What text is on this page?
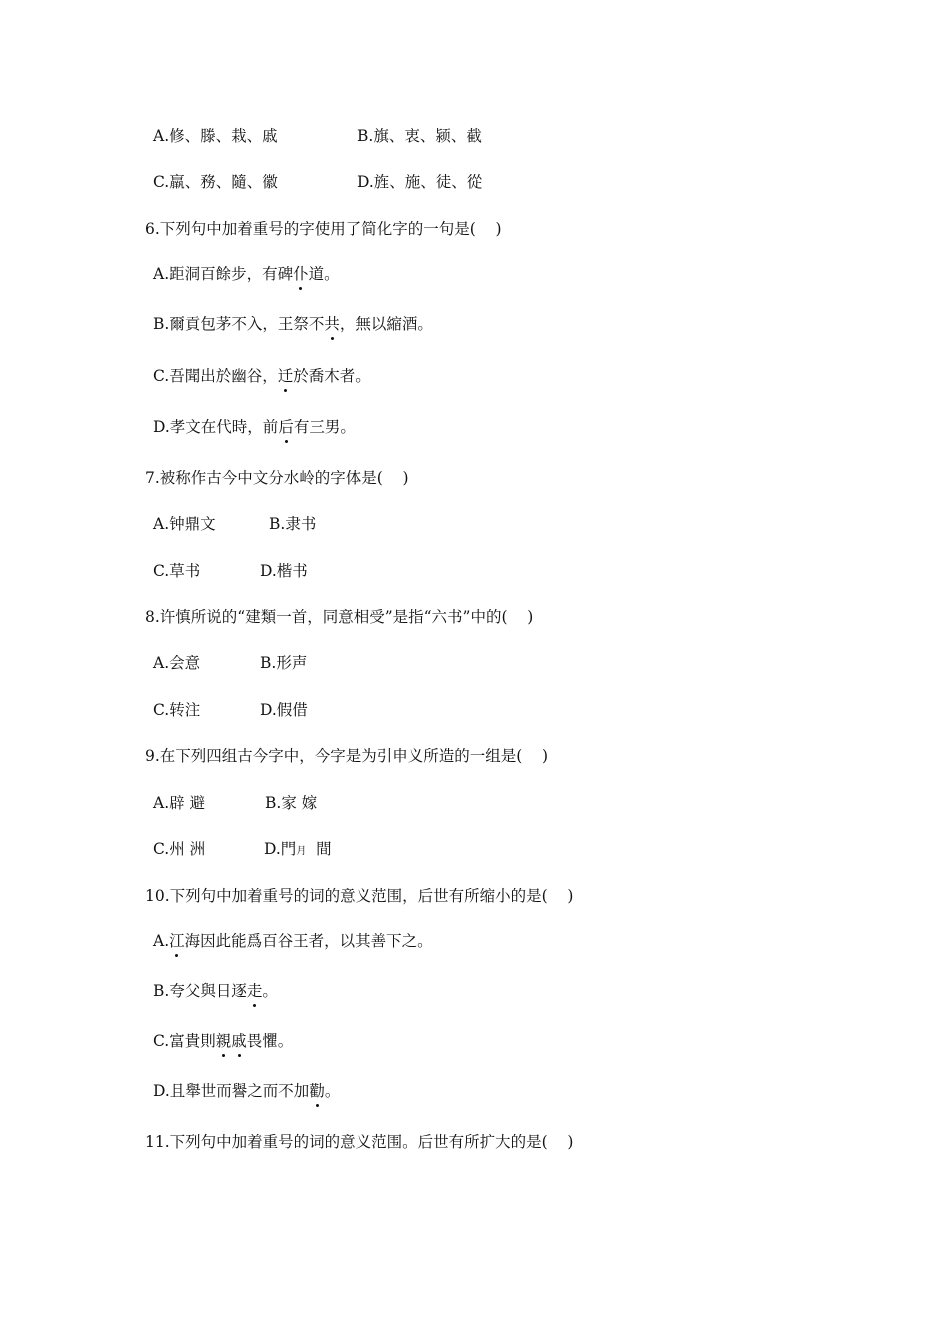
A.修、滕、栽、戚	B.旗、衷、颍、截
C.羸、務、隨、徽	D.旌、施、徒、從
6.下列句中加着重号的字使用了简化字的一句是(    )
A.距洞百餘步，有碑仆道。
B.爾貢包茅不入，王祭不共，無以縮酒。
C.吾聞出於幽谷，迁於喬木者。
D.孝文在代時，前后有三男。
7.被称作古今中文分水岭的字体是(    )
A.钟鼎文	B.隶书
C.草书	D.楷书
8.许慎所说的“建類一首，同意相受”是指“六书”中的(    )
A.会意	B.形声
C.转注	D.假借
9.在下列四组古今字中，今字是为引申义所造的一组是(    )
A.辟 避	B.家 嫁
C.州 洲	D.門月  間
10.下列句中加着重号的词的意义范围，后世有所缩小的是(    )
A.江海因此能爲百谷王者，以其善下之。
B.夸父與日逐走。
C.富貴則親戚畏懼。
D.且舉世而譽之而不加勸。
11.下列句中加着重号的词的意义范围。后世有所扩大的是(    )
